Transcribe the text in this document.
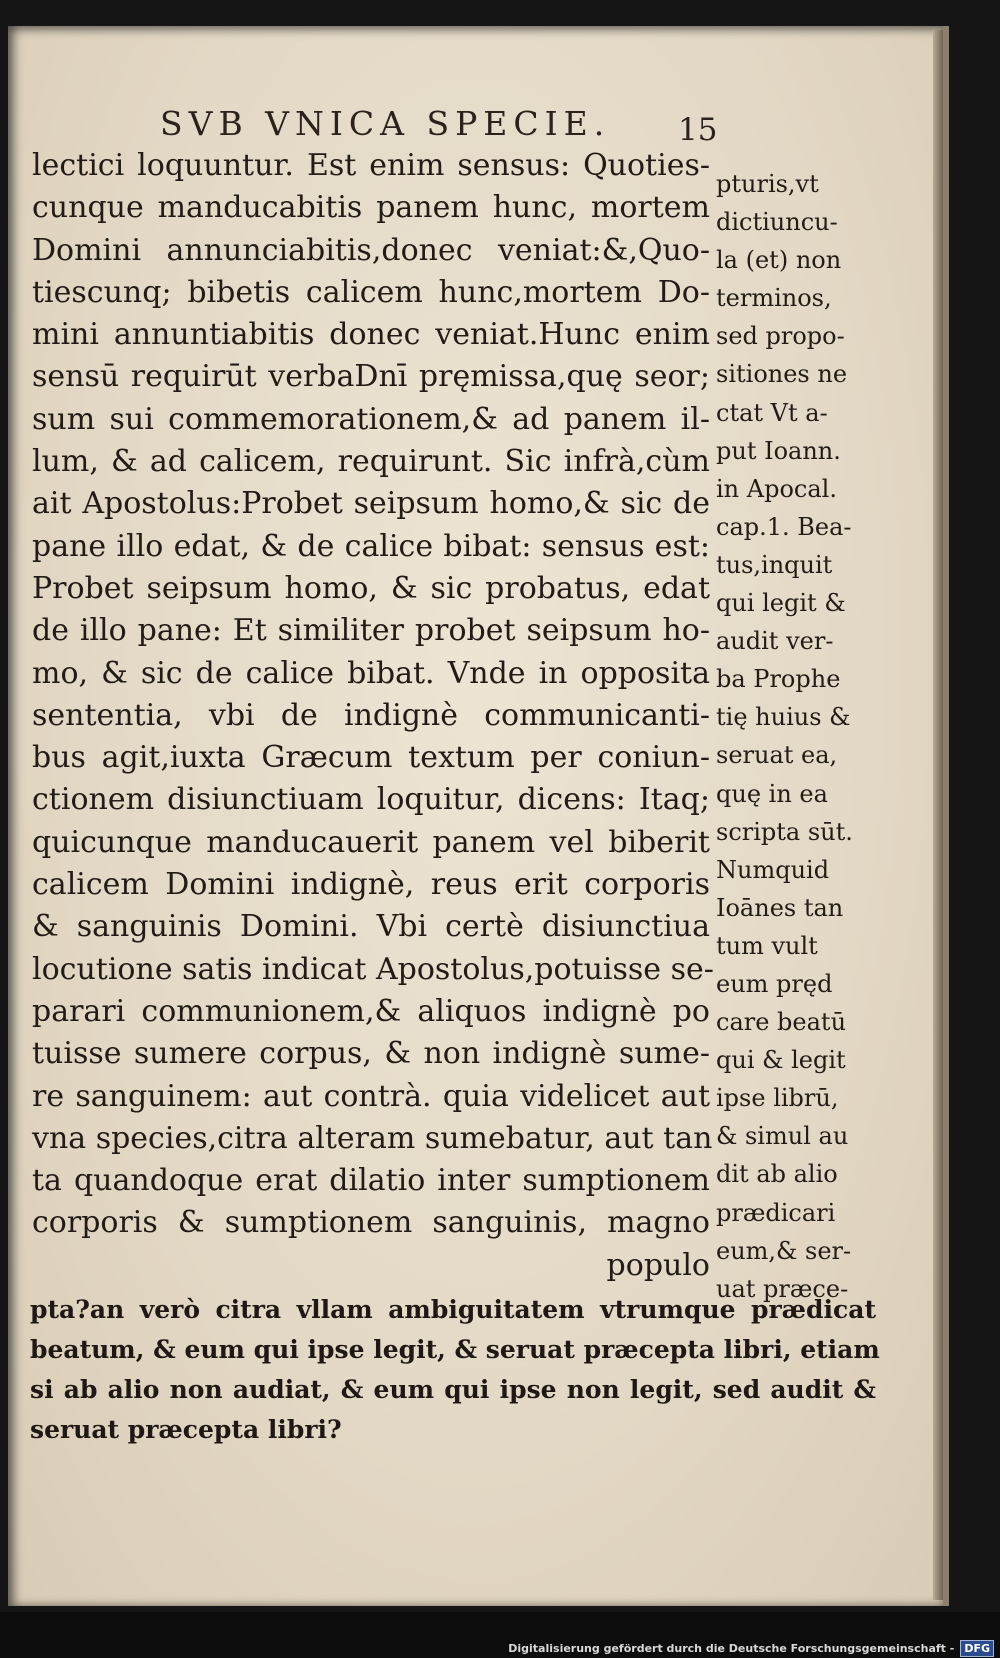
SVB VNICA SPECIE. 15
lectici loquuntur. Est enim sensus: Quoties-
cunque manducabitis panem hunc, mortem
Domini annunciabitis,donec veniat:&,Quo-
tiescunq; bibetis calicem hunc,mortem Do-
mini annuntiabitis donec veniat.Hunc enim
sensū requirūt verbaDnī pręmissa,quę seor;
sum sui commemorationem,& ad panem il-
lum, & ad calicem, requirunt. Sic infrà,cùm
ait Apostolus:Probet seipsum homo,& sic de
pane illo edat, & de calice bibat: sensus est:
Probet seipsum homo, & sic probatus, edat
de illo pane: Et similiter probet seipsum ho-
mo, & sic de calice bibat. Vnde in opposita
sententia, vbi de indignè communicanti-
bus agit,iuxta Græcum textum per coniun-
ctionem disiunctiuam loquitur, dicens: Itaq;
quicunque manducauerit panem vel biberit
calicem Domini indignè, reus erit corporis
& sanguinis Domini. Vbi certè disiunctiua
locutione satis indicat Apostolus,potuisse se-
parari communionem,& aliquos indignè po
tuisse sumere corpus, & non indignè sume-
re sanguinem: aut contrà. quia videlicet aut
vna species,citra alteram sumebatur, aut tan
ta quandoque erat dilatio inter sumptionem
corporis & sumptionem sanguinis, magno
populo
pturis,vt
dictiuncu-
la (et) non
terminos,
sed propo-
sitiones ne
ctat Vt a-
put Ioann.
in Apocal.
cap.1. Bea-
tus,inquit
qui legit &
audit ver-
ba Prophe
tię huius &
seruat ea,
quę in ea
scripta sūt.
Numquid
Ioānes tan
tum vult
eum pręd
care beatū
qui & legit
ipse librū,
& simul au
dit ab alio
prædicari
eum,& ser-
uat præce-
pta?an verò citra vllam ambiguitatem vtrumque prædicat
beatum, & eum qui ipse legit, & seruat præcepta libri, etiam
si ab alio non audiat, & eum qui ipse non legit, sed audit &
seruat præcepta libri?
Digitalisierung gefördert durch die Deutsche Forschungsgemeinschaft - DFG
